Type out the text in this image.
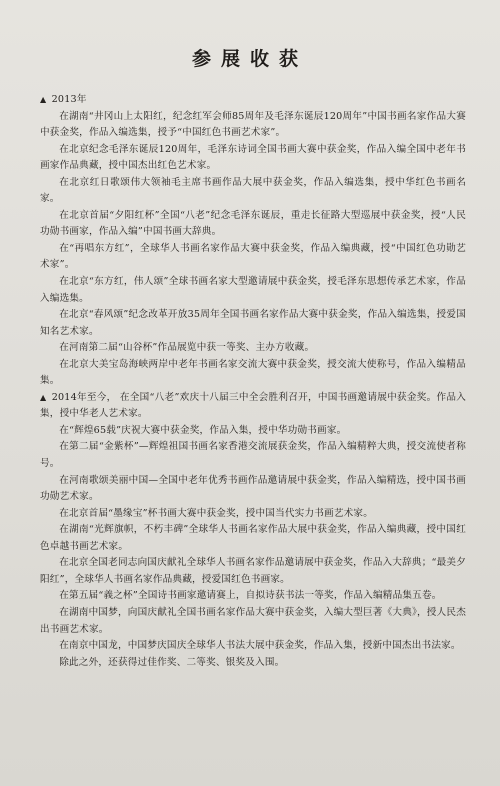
参展收获

▲ 2013年

在湖南“井冈山上太阳红，纪念红军会师85周年及毛泽东诞辰120周年”中国书画名家作品大赛中获金奖，作品入编选集，授予“中国红色书画艺术家”。

在北京纪念毛泽东诞辰120周年，毛泽东诗词全国书画大赛中获金奖，作品入编全国中老年书画家作品典藏，授中国杰出红色艺术家。

在北京红日歌颂伟大领袖毛主席书画作品大展中获金奖，作品入编选集，授中华红色书画名家。

在北京首届“夕阳红杯”全国“八老”纪念毛泽东诞辰，重走长征路大型巡展中获金奖，授“人民功勋书画家，作品入编”中国书画大辞典。

在“再唱东方红”，全球华人书画名家作品大赛中获金奖，作品入编典藏，授“中国红色功勋艺术家”。

在北京“东方红，伟人颂”全球书画名家大型邀请展中获金奖，授毛泽东思想传承艺术家，作品入编选集。

在北京“春风颂”纪念改革开放35周年全国书画名家作品大赛中获金奖，作品入编选集，授爱国知名艺术家。

在河南第二届“山谷杯”作品展览中获一等奖、主办方收藏。

在北京大美宝岛海峡两岸中老年书画名家交流大赛中获金奖，授交流大使称号，作品入编精品集。

▲ 2014年至今， 在全国“八老”欢庆十八届三中全会胜利召开，中国书画邀请展中获金奖。作品入集，授中华老人艺术家。

在“辉煌65载”庆祝大赛中获金奖，作品入集，授中华功勋书画家。

在第二届“金紫杯”—辉煌祖国书画名家香港交流展获金奖，作品入编精粹大典，授交流使者称号。

在河南歌颂美丽中国—全国中老年优秀书画作品邀请展中获金奖，作品入编精选，授中国书画功勋艺术家。

在北京首届“墨缘宝”杯书画大赛中获金奖，授中国当代实力书画艺术家。

在湖南“光辉旗帜，不朽丰碑”全球华人书画名家作品大展中获金奖，作品入编典藏，授中国红色卓越书画艺术家。

在北京全国老同志向国庆献礼全球华人书画名家作品邀请展中获金奖，作品入大辞典；“最美夕阳红”，全球华人书画名家作品典藏，授爱国红色书画家。

在第五届“義之杯”全国诗书画家邀请赛上，自拟诗获书法一等奖，作品入编精品集五卷。

在湖南中国梦，向国庆献礼全国书画名家作品大赛中获金奖，入编大型巨著《大典》，授人民杰出书画艺术家。

在南京中国龙，中国梦庆国庆全球华人书法大展中获金奖，作品入集，授新中国杰出书法家。

除此之外，还获得过佳作奖、二等奖、银奖及入围。
